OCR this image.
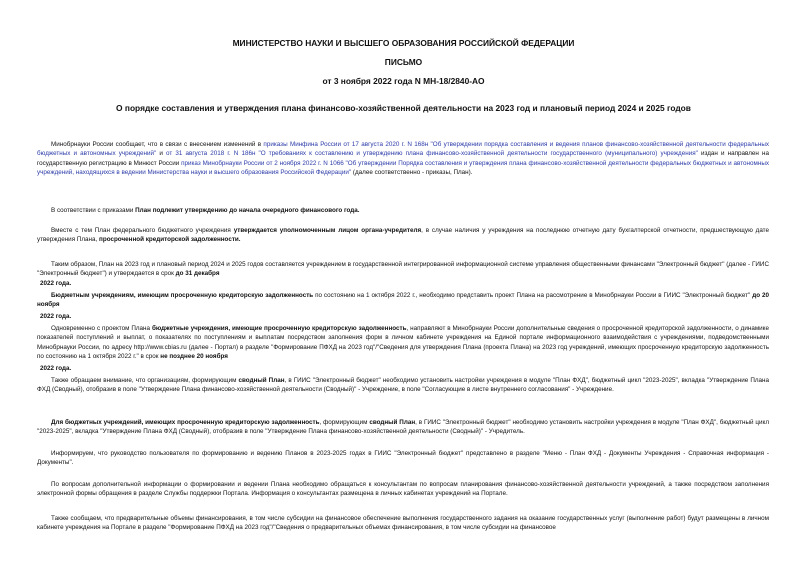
МИНИСТЕРСТВО НАУКИ И ВЫСШЕГО ОБРАЗОВАНИЯ РОССИЙСКОЙ ФЕДЕРАЦИИ
ПИСЬМО
от 3 ноября 2022 года N МН-18/2840-АО
О порядке составления и утверждения плана финансово-хозяйственной деятельности на 2023 год и плановый период 2024 и 2025 годов
Минобрнауки России сообщает, что в связи с внесением изменений в приказы Минфина России от 17 августа 2020 г. N 168н "Об утверждении порядка составления и ведения планов финансово-хозяйственной деятельности федеральных бюджетных и автономных учреждений" и от 31 августа 2018 г. N 186н "О требованиях к составлению и утверждению плана финансово-хозяйственной деятельности государственного (муниципального) учреждения" издан и направлен на государственную регистрацию в Минюст России приказ Минобрнауки России от 2 ноября 2022 г. N 1066 "Об утверждении Порядка составления и утверждения плана финансово-хозяйственной деятельности федеральных бюджетных и автономных учреждений, находящихся в ведении Министерства науки и высшего образования Российской Федерации" (далее соответственно - приказы, План).
В соответствии с приказами План подлежит утверждению до начала очередного финансового года.
Вместе с тем План федерального бюджетного учреждения утверждается уполномоченным лицом органа-учредителя, в случае наличия у учреждения на последнюю отчетную дату бухгалтерской отчетности, предшествующую дате утверждения Плана, просроченной кредиторской задолженности.
Таким образом, План на 2023 год и плановый период 2024 и 2025 годов составляется учреждением в государственной интегрированной информационной системе управления общественными финансами "Электронный бюджет" (далее - ГИИС "Электронный бюджет") и утверждается в срок до 31 декабря
2022 года.
Бюджетным учреждениям, имеющим просроченную кредиторскую задолженность по состоянию на 1 октября 2022 г., необходимо представить проект Плана на рассмотрение в Минобрнауки России в ГИИС "Электронный бюджет" до 20 ноября
2022 года.
Одновременно с проектом Плана бюджетные учреждения, имеющие просроченную кредиторскую задолженность, направляют в Минобрнауки России дополнительные сведения о просроченной кредиторской задолженности, о динамике показателей поступлений и выплат, о показателях по поступлениям и выплатам посредством заполнения форм в личном кабинете учреждения на Единой портале информационного взаимодействия с учреждениями, подведомственными Минобрнауки России, по адресу http://www.cbias.ru (далее - Портал) в разделе "Формирование ПФХД на 2023 год"/"Сведения для утверждения Плана (проекта Плана) на 2023 год учреждений, имеющих просроченную кредиторскую задолженность по состоянию на 1 октября 2022 г." в срок не позднее 20 ноября
2022 года.
Также обращаем внимание, что организациям, формирующим сводный План, в ГИИС "Электронный бюджет" необходимо установить настройки учреждения в модуле "План ФХД", бюджетный цикл "2023-2025", вкладка "Утверждение Плана ФХД (Сводный), отобразив в поле "Утверждение Плана финансово-хозяйственной деятельности (Сводный)" - Учреждение, в поле "Согласующие в листе внутреннего согласования" - Учреждение.
Для бюджетных учреждений, имеющих просроченную кредиторскую задолженность, формирующим сводный План, в ГИИС "Электронный бюджет" необходимо установить настройки учреждения в модуле "План ФХД", бюджетный цикл "2023-2025", вкладка "Утверждение Плана ФХД (Сводный), отобразив в поле "Утверждение Плана финансово-хозяйственной деятельности (Сводный)" - Учредитель.
Информируем, что руководство пользователя по формированию и ведению Планов в 2023-2025 годах в ГИИС "Электронный бюджет" представлено в разделе "Меню - План ФХД - Документы Учреждения - Справочная информация - Документы".
По вопросам дополнительной информации о формировании и ведении Плана необходимо обращаться к консультантам по вопросам планирования финансово-хозяйственной деятельности учреждений, а также посредством заполнения электронной формы обращения в разделе Службы поддержки Портала. Информация о консультантах размещена в личных кабинетах учреждений на Портале.
Также сообщаем, что предварительные объемы финансирования, в том числе субсидии на финансовое обеспечение выполнения государственного задания на оказание государственных услуг (выполнение работ) будут размещены в личном кабинете учреждения на Портале в разделе "Формирование ПФХД на 2023 год"/"Сведения о предварительных объемах финансирования, в том числе субсидии на финансовое
